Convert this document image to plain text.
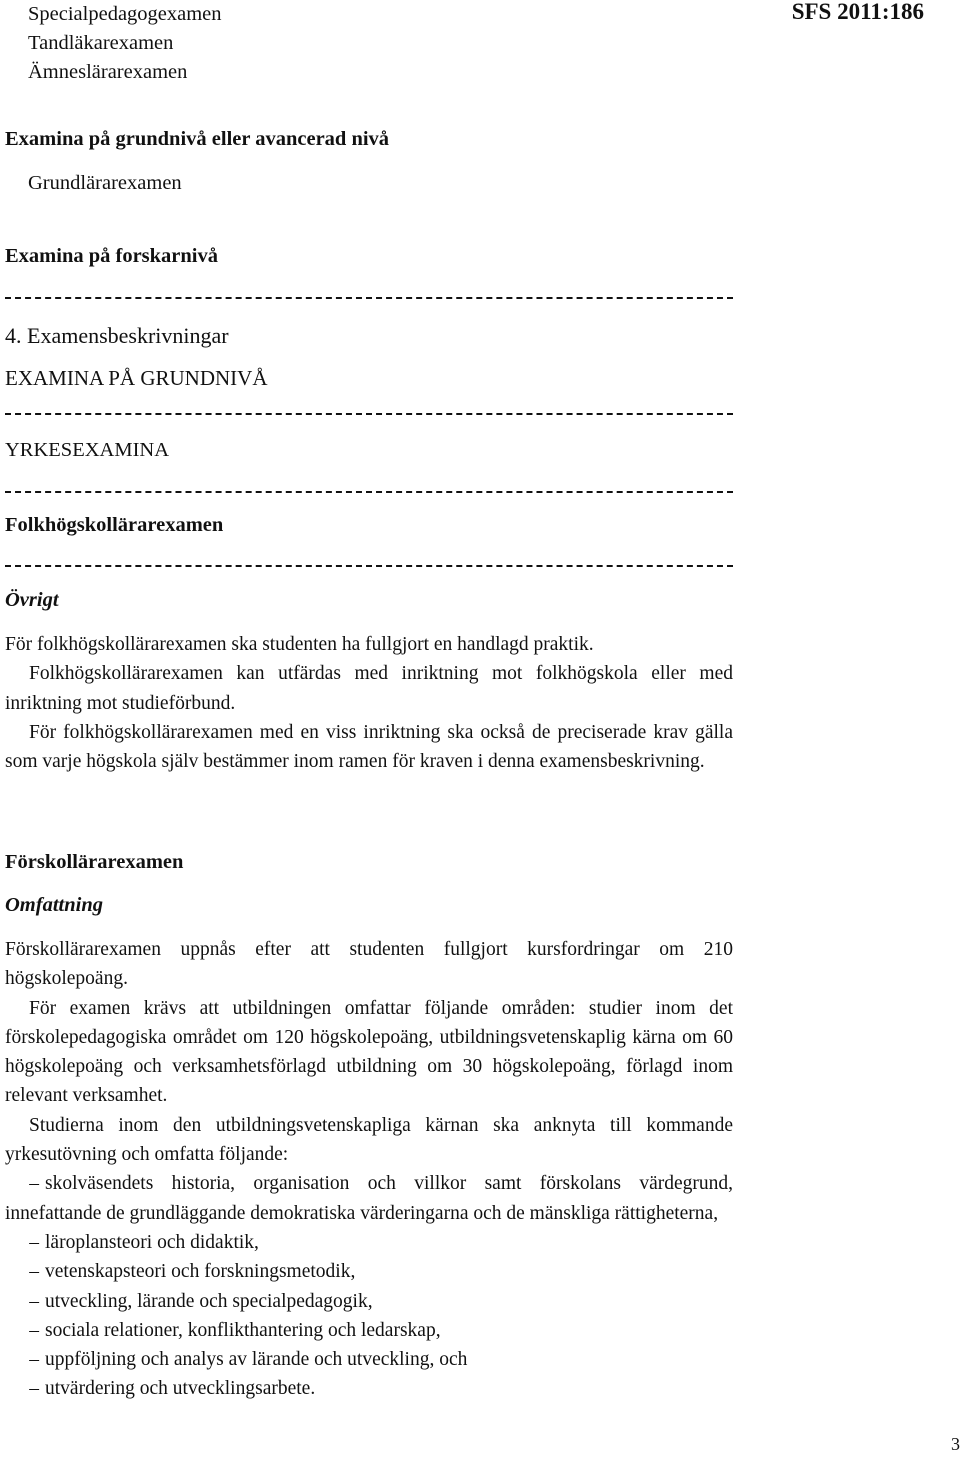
Specialpedagogexamen
Tandläkarexamen
Ämneslärarexamen
SFS 2011:186
Examina på grundnivå eller avancerad nivå
Grundlärarexamen
Examina på forskarnivå
4. Examensbeskrivningar
EXAMINA PÅ GRUNDNIVÅ
YRKESEXAMINA
Folkhögskollärarexamen
Övrigt

För folkhögskollärarexamen ska studenten ha fullgjort en handlagd praktik.

Folkhögskollärarexamen kan utfärdas med inriktning mot folkhögskola eller med inriktning mot studieförbund.

För folkhögskollärarexamen med en viss inriktning ska också de preciserade krav gälla som varje högskola själv bestämmer inom ramen för kraven i denna examensbeskrivning.

Förskollärarexamen
Omfattning

Förskollärarexamen uppnås efter att studenten fullgjort kursfordringar om 210 högskolepoäng.

För examen krävs att utbildningen omfattar följande områden: studier inom det förskolepedagogiska området om 120 högskolepoäng, utbildningsvetenskaplig kärna om 60 högskolepoäng och verksamhetsförlagd utbildning om 30 högskolepoäng, förlagd inom relevant verksamhet.

Studierna inom den utbildningsvetenskapliga kärnan ska anknyta till kommande yrkesutövning och omfatta följande:

– skolväsendets historia, organisation och villkor samt förskolans värdegrund, innefattande de grundläggande demokratiska värderingarna och de mänskliga rättigheterna,
– läroplansteori och didaktik,
– vetenskapsteori och forskningsmetodik,
– utveckling, lärande och specialpedagogik,
– sociala relationer, konflikthantering och ledarskap,
– uppföljning och analys av lärande och utveckling, och
– utvärdering och utvecklingsarbete.
3
